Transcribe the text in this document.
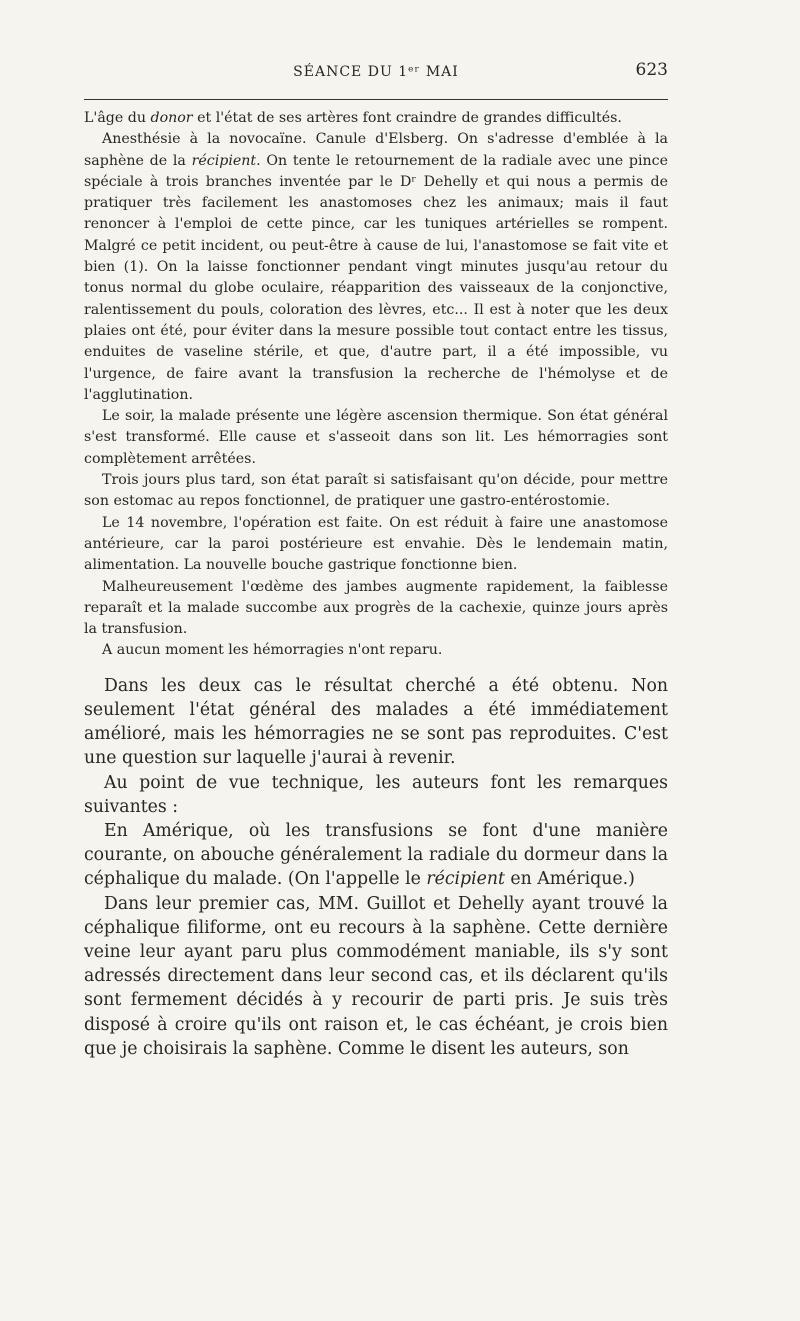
SÉANCE DU 1ᵉʳ MAI	623

L'âge du donor et l'état de ses artères font craindre de grandes difficultés.

Anesthésie à la novocaïne. Canule d'Elsberg. On s'adresse d'emblée à la saphène de la récipient. On tente le retournement de la radiale avec une pince spéciale à trois branches inventée par le Dʳ Dehelly et qui nous a permis de pratiquer très facilement les anastomoses chez les animaux; mais il faut renoncer à l'emploi de cette pince, car les tuniques artérielles se rompent. Malgré ce petit incident, ou peut-être à cause de lui, l'anastomose se fait vite et bien (1). On la laisse fonctionner pendant vingt minutes jusqu'au retour du tonus normal du globe oculaire, réapparition des vaisseaux de la conjonctive, ralentissement du pouls, coloration des lèvres, etc... Il est à noter que les deux plaies ont été, pour éviter dans la mesure possible tout contact entre les tissus, enduites de vaseline stérile, et que, d'autre part, il a été impossible, vu l'urgence, de faire avant la transfusion la recherche de l'hémolyse et de l'agglutination.

Le soir, la malade présente une légère ascension thermique. Son état général s'est transformé. Elle cause et s'asseoit dans son lit. Les hémorragies sont complètement arrêtées.

Trois jours plus tard, son état paraît si satisfaisant qu'on décide, pour mettre son estomac au repos fonctionnel, de pratiquer une gastro-entérostomie.

Le 14 novembre, l'opération est faite. On est réduit à faire une anastomose antérieure, car la paroi postérieure est envahie. Dès le lendemain matin, alimentation. La nouvelle bouche gastrique fonctionne bien.

Malheureusement l'œdème des jambes augmente rapidement, la faiblesse reparaît et la malade succombe aux progrès de la cachexie, quinze jours après la transfusion.

A aucun moment les hémorragies n'ont reparu.

Dans les deux cas le résultat cherché a été obtenu. Non seulement l'état général des malades a été immédiatement amélioré, mais les hémorragies ne se sont pas reproduites. C'est une question sur laquelle j'aurai à revenir.

Au point de vue technique, les auteurs font les remarques suivantes :

En Amérique, où les transfusions se font d'une manière courante, on abouche généralement la radiale du dormeur dans la céphalique du malade. (On l'appelle le récipient en Amérique.)

Dans leur premier cas, MM. Guillot et Dehelly ayant trouvé la céphalique filiforme, ont eu recours à la saphène. Cette dernière veine leur ayant paru plus commodément maniable, ils s'y sont adressés directement dans leur second cas, et ils déclarent qu'ils sont fermement décidés à y recourir de parti pris. Je suis très disposé à croire qu'ils ont raison et, le cas échéant, je crois bien que je choisirais la saphène. Comme le disent les auteurs, son
